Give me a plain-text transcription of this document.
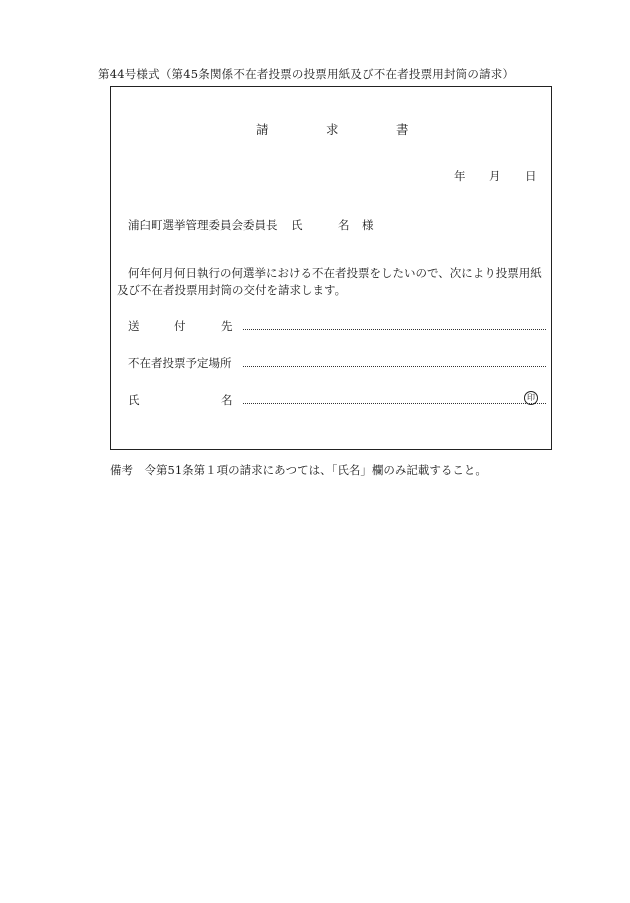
第44号様式（第45条関係不在者投票の投票用紙及び不在者投票用封筒の請求）
請	求	書
年 月 日
浦臼町選挙管理委員会委員長 氏	名 様
何年何月何日執行の何選挙における不在者投票をしたいので、次により投票用紙
及び不在者投票用封筒の交付を請求します。
送	付	先
不在者投票予定場所
氏	名	印
備考　令第51条第１項の請求にあつては、「氏名」欄のみ記載すること。
